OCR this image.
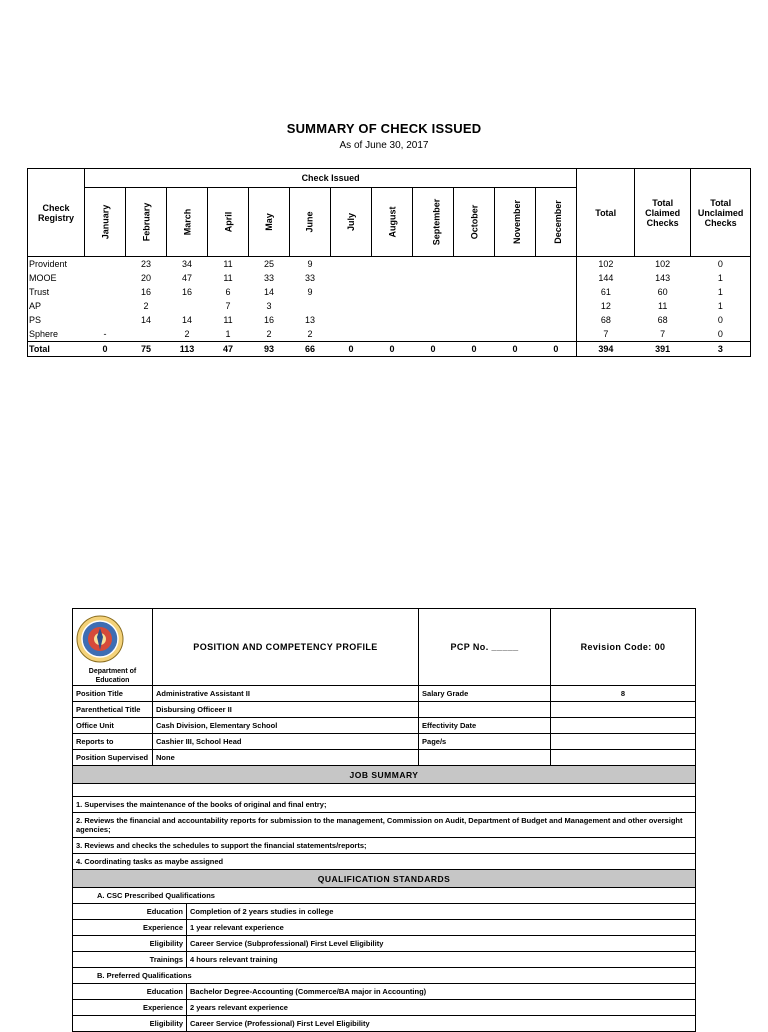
SUMMARY OF CHECK ISSUED
As of June 30, 2017
Check Registry	Check Issued												Total	Total Claimed Checks	Total Unclaimed Checks
	January	February	March	April	May	June	July	August	September	October	November	December			
Provident		23	34	11	25	9							102	102	0
MOOE		20	47	11	33	33							144	143	1
Trust		16	16	6	14	9							61	60	1
AP		2		7	3								12	11	1
PS		14	14	11	16	13							68	68	0
Sphere	-		2	1	2	2							7	7	0
Total	0	75	113	47	93	66	0	0	0	0	0	0	394	391	3
Department of Education	POSITION AND COMPETENCY PROFILE		PCP No. _____	Revision Code: 00
Position Title	Administrative Assistant II		Salary Grade	8
Parenthetical Title	Disbursing Officeer II			
Office Unit	Cash Division, Elementary School		Effectivity Date	
Reports to	Cashier III, School Head		Page/s	
Position Supervised	None			
JOB SUMMARY				

1. Supervises the maintenance of the books of original and final entry;				
2. Reviews the financial and accountability reports for submission to the management, Commission on Audit, Department of Budget and Management and other oversight agencies;				
3. Reviews and checks the schedules to support the financial statements/reports;				
4. Coordinating tasks as maybe assigned				
QUALIFICATION STANDARDS				
A. CSC Prescribed Qualifications				
Education		Completion of 2 years studies in college		
Experience		1 year relevant experience		
Eligibility		Career Service (Subprofessional) First Level Eligibility		
Trainings		4 hours relevant training		
B. Preferred Qualifications				
Education		Bachelor Degree-Accounting (Commerce/BA major in Accounting)		
Experience		2 years relevant experience		
Eligibility		Career Service (Professional) First Level Eligibility		
